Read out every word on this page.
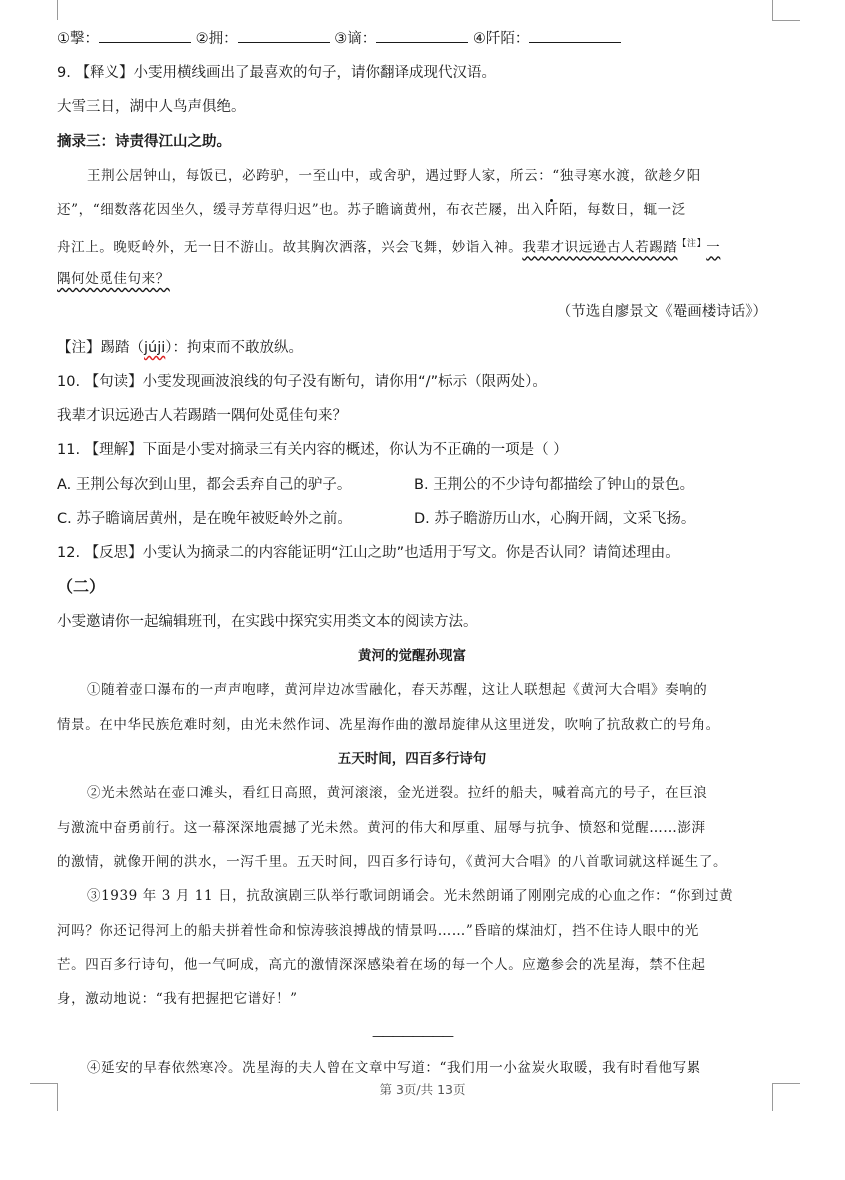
①撃：	②拥：	③谪：	④阡陌：
9. 【释义】小雯用横线画出了最喜欢的句子，请你翻译成现代汉语。
大雪三日，湖中人鸟声俱绝。
摘录三：诗责得江山之助。
王荆公居钟山，每饭已，必跨驴，一至山中，或舍驴，遇过野人家，所云：“独寻寒水渡，欲趁夕阳
还”，“细数落花因坐久，缓寻芳草得归迟”也。苏子瞻谪黄州，布衣芒屦，出入阡陌，每数日，辄一泛
舟江上。晚贬岭外，无一日不游山。故其胸次洒落，兴会飞舞，妙诣入神。我辈才识远逊古人若踢踏$^{【注】}$一
隅何处觅佳句来？
（节选自廖景文《罨画楼诗话》）
【注】踢踏（júji）：拘束而不敢放纵。
10. 【句读】小雯发现画波浪线的句子没有断句，请你用“/”标示（限两处）。
我辈才识远逊古人若踢踏一隅何处觅佳句来？
11. 【理解】下面是小雯对摘录三有关内容的概述，你认为不正确的一项是（ ）
A. 王荆公每次到山里，都会丢弃自己的驴子。	B. 王荆公的不少诗句都描绘了钟山的景色。
C. 苏子瞻谪居黄州，是在晚年被贬岭外之前。	D. 苏子瞻游历山水，心胸开阔，文采飞扬。
12. 【反思】小雯认为摘录二的内容能证明“江山之助”也适用于写文。你是否认同？请简述理由。
（二）
小雯邀请你一起编辑班刊，在实践中探究实用类文本的阅读方法。
黄河的觉醒孙现富
①随着壶口瀑布的一声声咆哮，黄河岸边冰雪融化，春天苏醒，这让人联想起《黄河大合唱》奏响的
情景。在中华民族危难时刻，由光未然作词、冼星海作曲的激昂旋律从这里迸发，吹响了抗敌救亡的号角。
五天时间，四百多行诗句
②光未然站在壶口滩头，看红日高照，黄河滚滚，金光迸裂。拉纤的船夫，喊着高亢的号子，在巨浪
与激流中奋勇前行。这一幕深深地震撼了光未然。黄河的伟大和厚重、屈辱与抗争、愤怒和觉醒……澎湃
的激情，就像开闸的洪水，一泻千里。五天时间，四百多行诗句，《黄河大合唱》的八首歌词就这样诞生了。
③1939 年 3 月 11 日，抗敌演剧三队举行歌词朗诵会。光未然朗诵了刚刚完成的心血之作：“你到过黄
河吗？你还记得河上的船夫拼着性命和惊涛骇浪搏战的情景吗……”昏暗的煤油灯，挡不住诗人眼中的光
芒。四百多行诗句，他一气呵成，高亢的激情深深感染着在场的每一个人。应邀参会的冼星海，禁不住起
身，激动地说：“我有把握把它谱好！”
————————
④延安的早春依然寒冷。冼星海的夫人曾在文章中写道：“我们用一小盆炭火取暖，我有时看他写累
第 3页/共 13页
